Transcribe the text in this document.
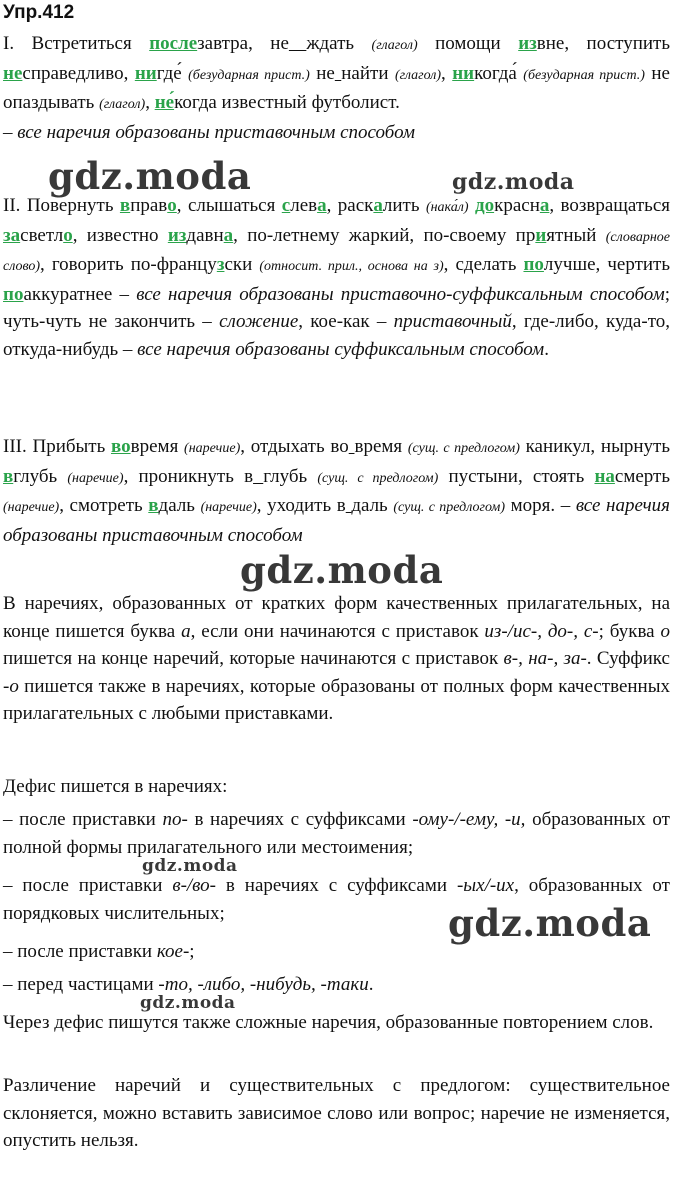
Упр.412

I. Встретиться послезавтра, не ждать (глагол) помощи извне, поступить несправедливо, нигде́ (безударная прист.) не найти (глагол), никогда́ (безударная прист.) не опаздывать (глагол), не́когда известный футболист.

– все наречия образованы приставочным способом

II. Повернуть вправо, слышаться слева, раскалить (нака́л) докрасна, возвращаться засветло, известно издавна, по-летнему жаркий, по-своему приятный (словарное слово), говорить по-французски (относит. прил., основа на з), сделать получше, чертить поаккуратнее – все наречия образованы приставочно-суффиксальным способом; чуть-чуть не закончить – сложение, кое-как – приставочный, где-либо, куда-то, откуда-нибудь – все наречия образованы суффиксальным способом.

III. Прибыть вовремя (наречие), отдыхать во время (сущ. с предлогом) каникул, нырнуть вглубь (наречие), проникнуть в глубь (сущ. с предлогом) пустыни, стоять насмерть (наречие), смотреть вдаль (наречие), уходить в даль (сущ. с предлогом) моря. – все наречия образованы приставочным способом

В наречиях, образованных от кратких форм качественных прилагательных, на конце пишется буква а, если они начинаются с приставок из-/ис-, до-, с-; буква о пишется на конце наречий, которые начинаются с приставок в-, на-, за-. Суффикс -о пишется также в наречиях, которые образованы от полных форм качественных прилагательных с любыми приставками.

Дефис пишется в наречиях:

– после приставки по- в наречиях с суффиксами -ому-/-ему, -и, образованных от полной формы прилагательного или местоимения;

– после приставки в-/во- в наречиях с суффиксами -ых/-их, образованных от порядковых числительных;

– после приставки кое-;
– перед частицами -то, -либо, -нибудь, -таки.
Через дефис пишутся также сложные наречия, образованные повторением слов.
Различение наречий и существительных с предлогом: существительное склоняется, можно вставить зависимое слово или вопрос; наречие не изменяется, опустить нельзя.
gdz.moda	gdz.moda
gdz.moda
gdz.moda
gdz.moda
gdz.moda
